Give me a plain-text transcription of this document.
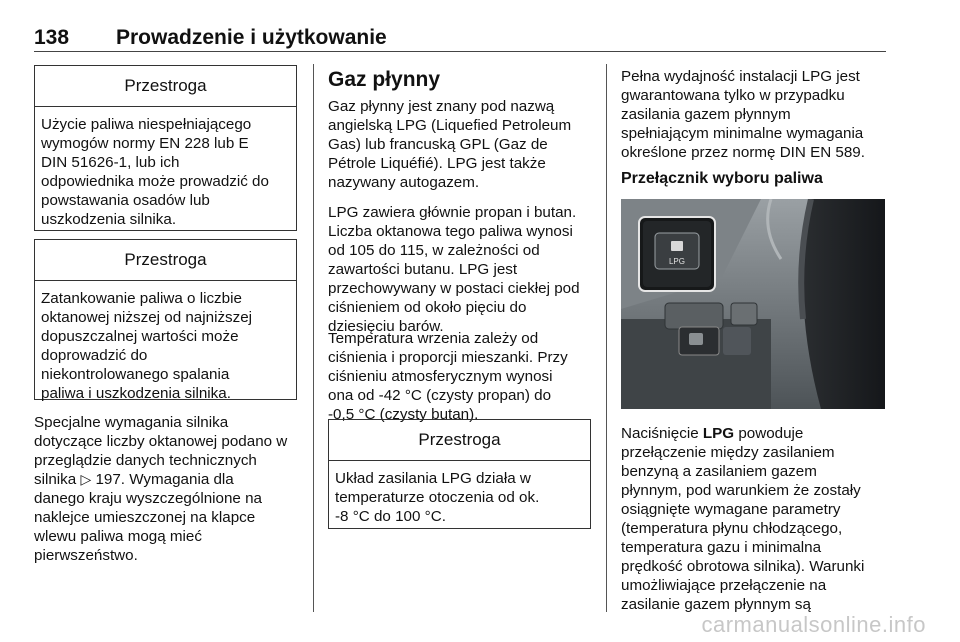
138 Prowadzenie i użytkowanie
Przestroga
Użycie paliwa niespełniającego
wymogów normy EN 228 lub E
DIN 51626-1, lub ich
odpowiednika może prowadzić do
powstawania osadów lub
uszkodzenia silnika.
Przestroga
Zatankowanie paliwa o liczbie
oktanowej niższej od najniższej
dopuszczalnej wartości może
doprowadzić do
niekontrolowanego spalania
paliwa i uszkodzenia silnika.
Specjalne wymagania silnika
dotyczące liczby oktanowej podano w
przeglądzie danych technicznych
silnika ▷ 197. Wymagania dla
danego kraju wyszczególnione na
naklejce umieszczonej na klapce
wlewu paliwa mogą mieć
pierwszeństwo.
Gaz płynny
Gaz płynny jest znany pod nazwą
angielską LPG (Liquefied Petroleum
Gas) lub francuską GPL (Gaz de
Pétrole Liquéfié). LPG jest także
nazywany autogazem.
LPG zawiera głównie propan i butan.
Liczba oktanowa tego paliwa wynosi
od 105 do 115, w zależności od
zawartości butanu. LPG jest
przechowywany w postaci ciekłej pod
ciśnieniem od około pięciu do
dziesięciu barów.
Temperatura wrzenia zależy od
ciśnienia i proporcji mieszanki. Przy
ciśnieniu atmosferycznym wynosi
ona od -42 °C (czysty propan) do
-0,5 °C (czysty butan).
Przestroga
Układ zasilania LPG działa w
temperaturze otoczenia od ok.
-8 °C do 100 °C.
Pełna wydajność instalacji LPG jest
gwarantowana tylko w przypadku
zasilania gazem płynnym
spełniającym minimalne wymagania
określone przez normę DIN EN 589.
Przełącznik wyboru paliwa
LPG
Naciśnięcie LPG powoduje
przełączenie między zasilaniem
benzyną a zasilaniem gazem
płynnym, pod warunkiem że zostały
osiągnięte wymagane parametry
(temperatura płynu chłodzącego,
temperatura gazu i minimalna
prędkość obrotowa silnika). Warunki
umożliwiające przełączenie na
zasilanie gazem płynnym są
carmanualsonline.info
